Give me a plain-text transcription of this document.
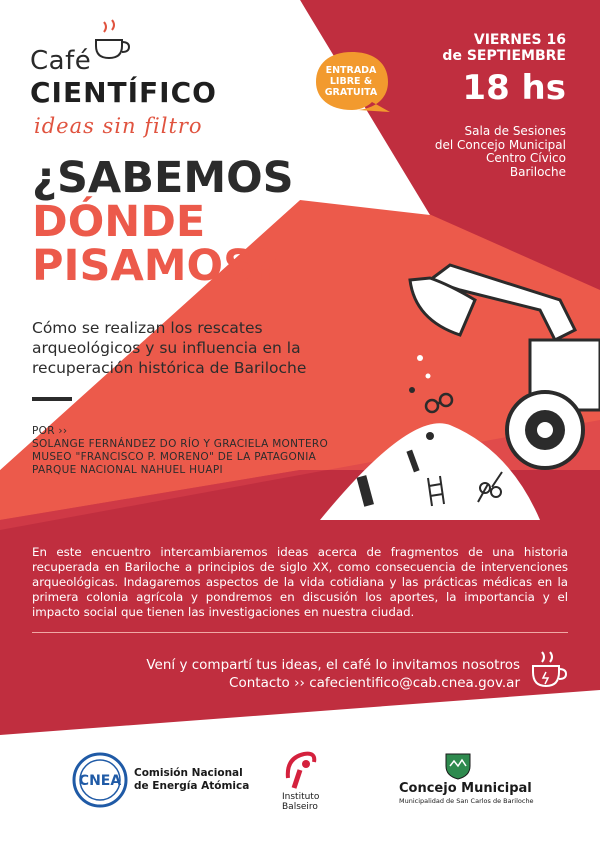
Café
CIENTÍFICO
ideas sin filtro
¿SABEMOS
DÓNDE
PISAMOS?
Cómo se realizan los rescates arqueológicos y su influencia en la recuperación histórica de Bariloche
POR ››
SOLANGE FERNÁNDEZ DO RÍO Y GRACIELA MONTERO
MUSEO "FRANCISCO P. MORENO" DE LA PATAGONIA
PARQUE NACIONAL NAHUEL HUAPI
ENTRADA
LIBRE &
GRATUITA
VIERNES 16
de SEPTIEMBRE
18 hs
Sala de Sesiones
del Concejo Municipal
Centro Cívico
Bariloche
En este encuentro intercambiaremos ideas acerca de fragmentos de una historia recuperada en Bariloche a principios de siglo XX, como consecuencia de intervenciones arqueológicas. Indagaremos aspectos de la vida cotidiana y las prácticas médicas en la primera colonia agrícola y pondremos en discusión los aportes, la importancia y el impacto social que tienen las investigaciones en nuestra ciudad.
Vení y compartí tus ideas, el café lo invitamos nosotros
Contacto ›› cafecientifico@cab.cnea.gov.ar
CNEA Comisión Nacional
de Energía Atómica
Instituto
Balseiro
Concejo Municipal
Municipalidad de San Carlos de Bariloche
